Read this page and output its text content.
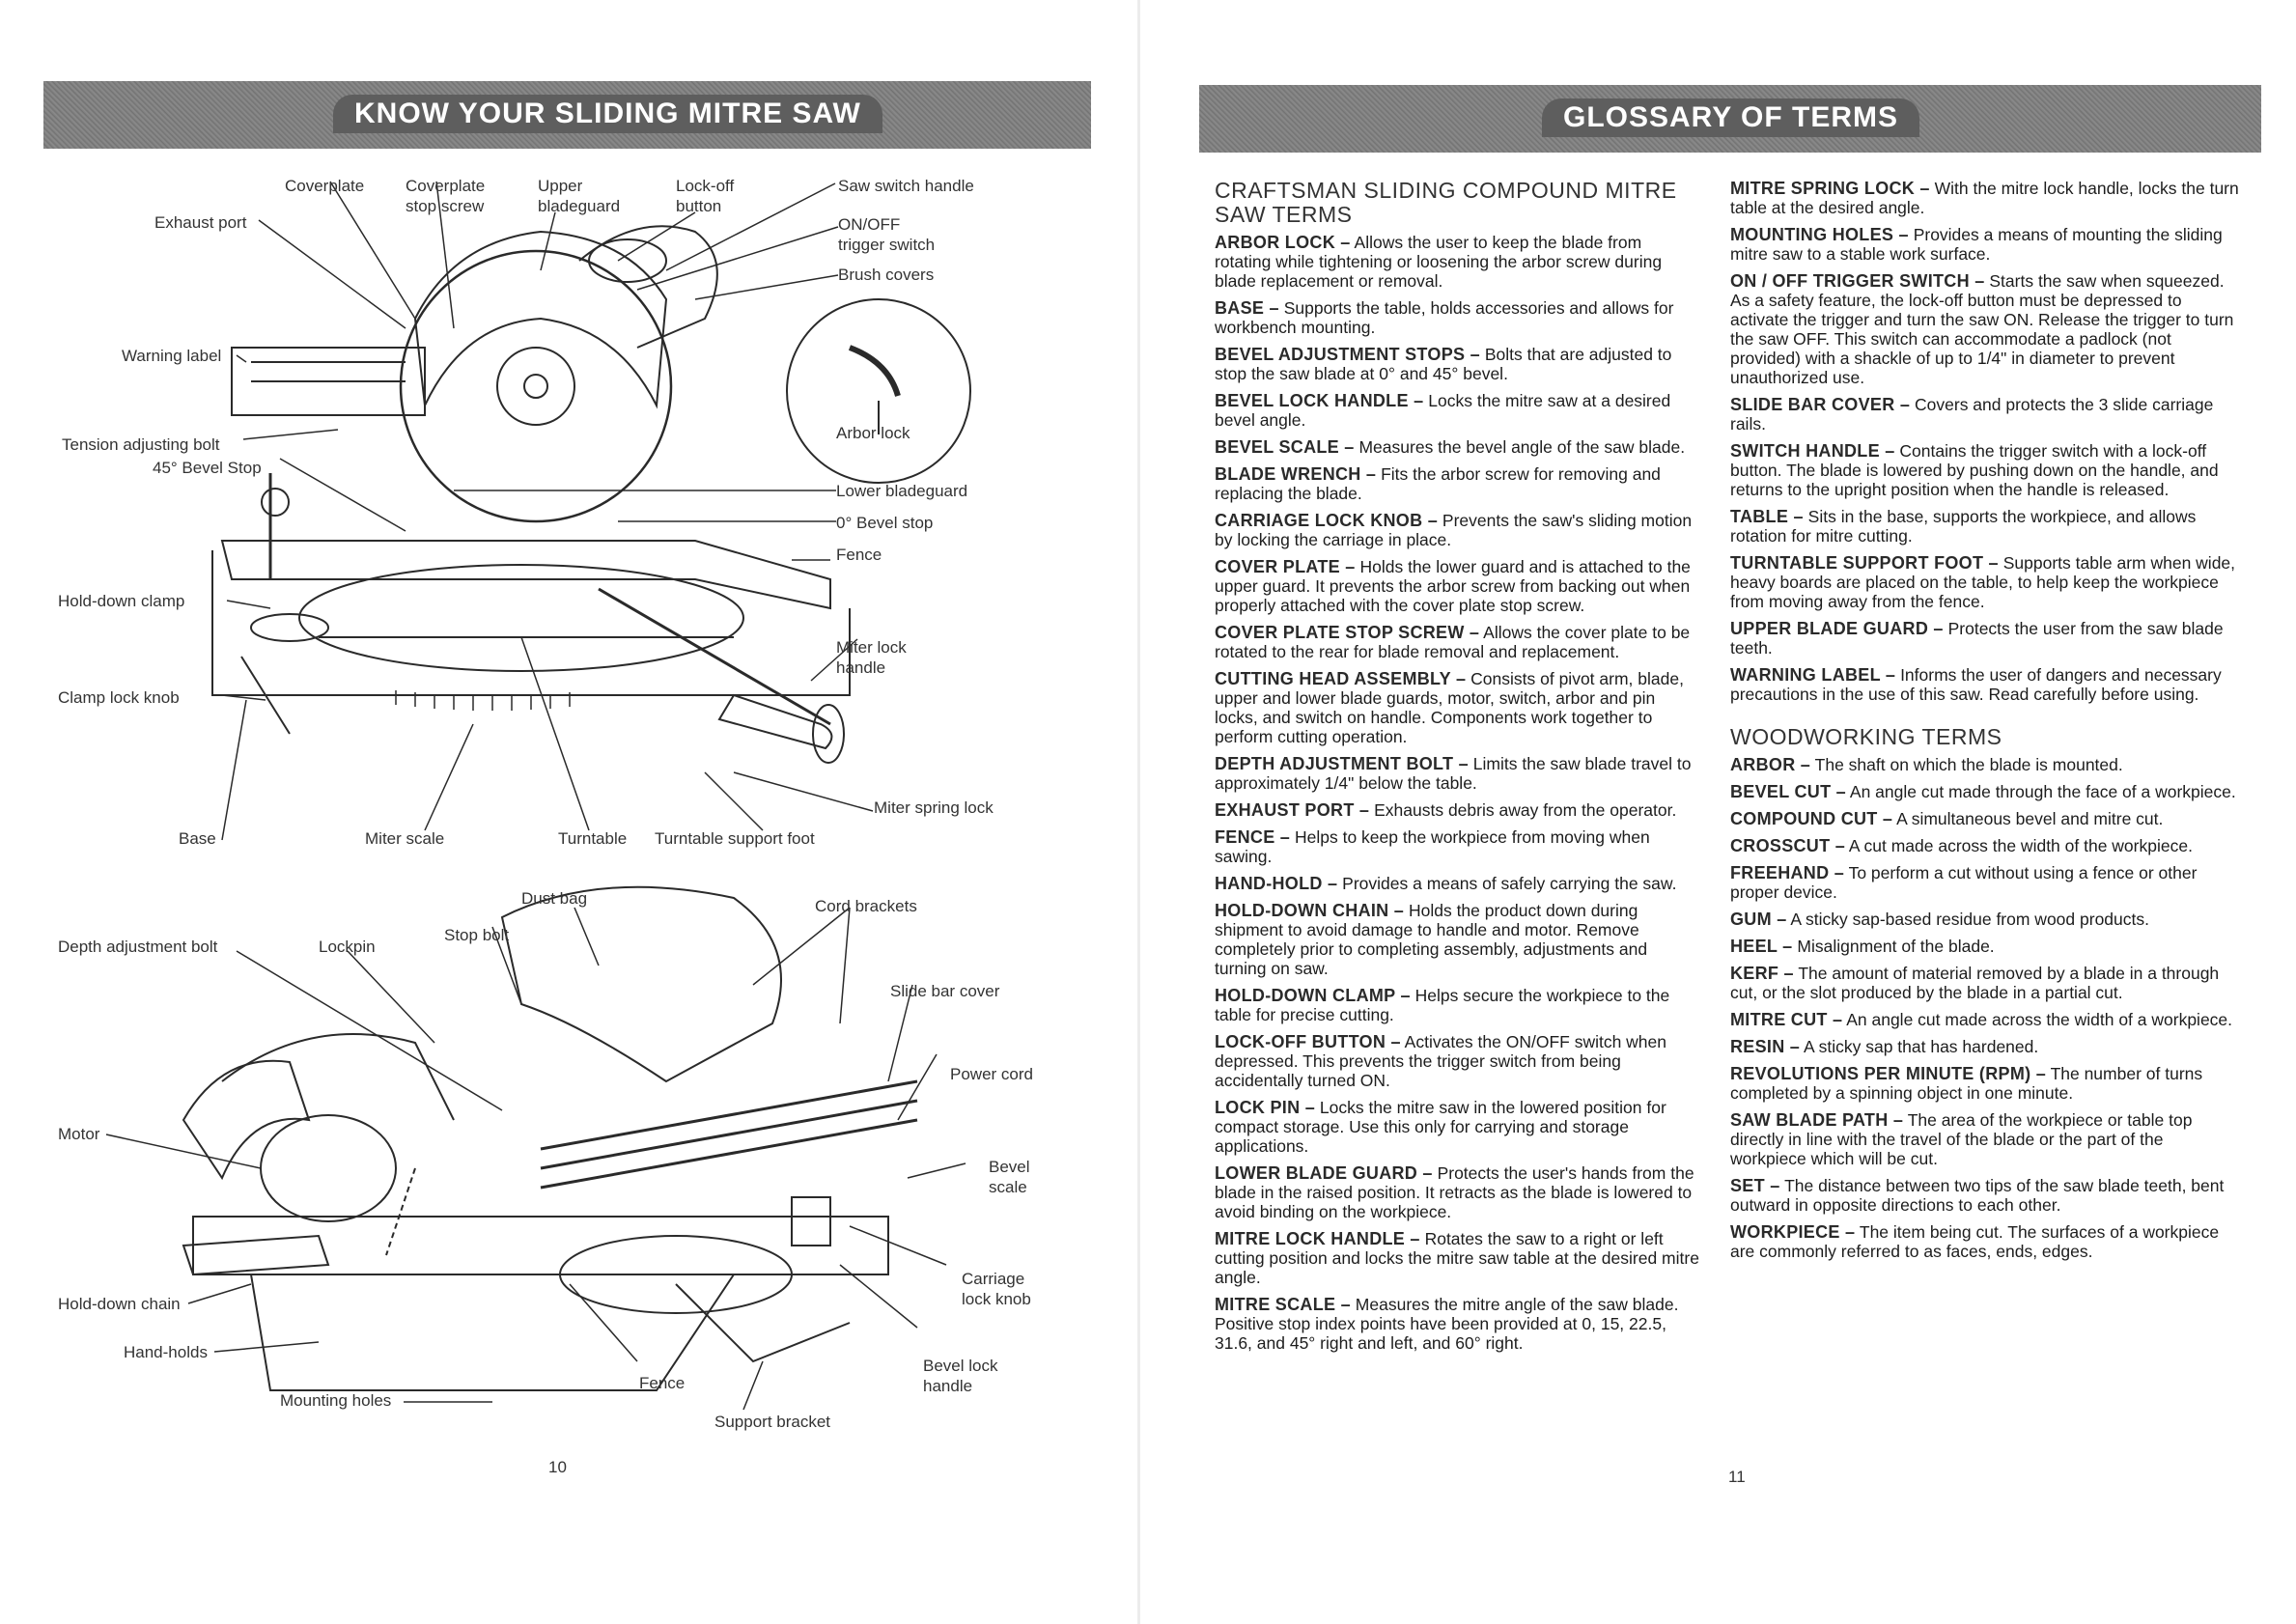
KNOW YOUR SLIDING MITRE SAW
Coverplate	Coverplate
stop screw
Upper
bladeguard
Lock-off
button
Saw switch handle
Exhaust port	ON/OFF
trigger switch
Brush covers
Warning label
Arbor lock
Tension adjusting bolt
45° Bevel Stop
Lower bladeguard
0° Bevel stop
Fence
Hold-down clamp
Miter lock
handle
Clamp lock knob
Miter spring lock
Base	Miter scale	Turntable Turntable support foot
Dust bag	Cord brackets
Stop bolt
Depth adjustment bolt	Lockpin
Slide bar cover
Power cord
Motor
Bevel
scale
Carriage
lock knob
Hold-down chain
Hand-holds
Bevel lock
handle
Fence
Mounting holes
Support bracket
10
GLOSSARY OF TERMS
CRAFTSMAN SLIDING COMPOUND MITRE SAW TERMS

ARBOR LOCK – Allows the user to keep the blade from rotating while tightening or loosening the arbor screw during blade replacement or removal.

BASE – Supports the table, holds accessories and allows for workbench mounting.

BEVEL ADJUSTMENT STOPS – Bolts that are adjusted to stop the saw blade at 0° and 45° bevel.

BEVEL LOCK HANDLE – Locks the mitre saw at a desired bevel angle.

BEVEL SCALE – Measures the bevel angle of the saw blade.

BLADE WRENCH – Fits the arbor screw for removing and replacing the blade.

CARRIAGE LOCK KNOB – Prevents the saw's sliding motion by locking the carriage in place.

COVER PLATE – Holds the lower guard and is attached to the upper guard. It prevents the arbor screw from backing out when properly attached with the cover plate stop screw.

COVER PLATE STOP SCREW – Allows the cover plate to be rotated to the rear for blade removal and replacement.

CUTTING HEAD ASSEMBLY – Consists of pivot arm, blade, upper and lower blade guards, motor, switch, arbor and pin locks, and switch on handle. Components work together to perform cutting operation.

DEPTH ADJUSTMENT BOLT – Limits the saw blade travel to approximately 1/4" below the table.

EXHAUST PORT – Exhausts debris away from the operator.

FENCE – Helps to keep the workpiece from moving when sawing.

HAND-HOLD – Provides a means of safely carrying the saw.

HOLD-DOWN CHAIN – Holds the product down during shipment to avoid damage to handle and motor. Remove completely prior to completing assembly, adjustments and turning on saw.

HOLD-DOWN CLAMP – Helps secure the workpiece to the table for precise cutting.

LOCK-OFF BUTTON – Activates the ON/OFF switch when depressed. This prevents the trigger switch from being accidentally turned ON.

LOCK PIN – Locks the mitre saw in the lowered position for compact storage. Use this only for carrying and storage applications.

LOWER BLADE GUARD – Protects the user's hands from the blade in the raised position. It retracts as the blade is lowered to avoid binding on the workpiece.

MITRE LOCK HANDLE – Rotates the saw to a right or left cutting position and locks the mitre saw table at the desired mitre angle.

MITRE SCALE – Measures the mitre angle of the saw blade. Positive stop index points have been provided at 0, 15, 22.5, 31.6, and 45° right and left, and 60° right.

MITRE SPRING LOCK – With the mitre lock handle, locks the turn table at the desired angle.

MOUNTING HOLES – Provides a means of mounting the sliding mitre saw to a stable work surface.

ON / OFF TRIGGER SWITCH – Starts the saw when squeezed. As a safety feature, the lock-off button must be depressed to activate the trigger and turn the saw ON. Release the trigger to turn the saw OFF. This switch can accommodate a padlock (not provided) with a shackle of up to 1/4" in diameter to prevent unauthorized use.

SLIDE BAR COVER – Covers and protects the 3 slide carriage rails.

SWITCH HANDLE – Contains the trigger switch with a lock-off button. The blade is lowered by pushing down on the handle, and returns to the upright position when the handle is released.

TABLE – Sits in the base, supports the workpiece, and allows rotation for mitre cutting.

TURNTABLE SUPPORT FOOT – Supports table arm when wide, heavy boards are placed on the table, to help keep the workpiece from moving away from the fence.

UPPER BLADE GUARD – Protects the user from the saw blade teeth.

WARNING LABEL – Informs the user of dangers and necessary precautions in the use of this saw. Read carefully before using.

WOODWORKING TERMS

ARBOR – The shaft on which the blade is mounted.

BEVEL CUT – An angle cut made through the face of a workpiece.

COMPOUND CUT – A simultaneous bevel and mitre cut.

CROSSCUT – A cut made across the width of the workpiece.

FREEHAND – To perform a cut without using a fence or other proper device.

GUM – A sticky sap-based residue from wood products.

HEEL – Misalignment of the blade.

KERF – The amount of material removed by a blade in a through cut, or the slot produced by the blade in a partial cut.

MITRE CUT – An angle cut made across the width of a workpiece.

RESIN – A sticky sap that has hardened.

REVOLUTIONS PER MINUTE (RPM) – The number of turns completed by a spinning object in one minute.

SAW BLADE PATH – The area of the workpiece or table top directly in line with the travel of the blade or the part of the workpiece which will be cut.

SET – The distance between two tips of the saw blade teeth, bent outward in opposite directions to each other.

WORKPIECE – The item being cut. The surfaces of a workpiece are commonly referred to as faces, ends, edges.

11
